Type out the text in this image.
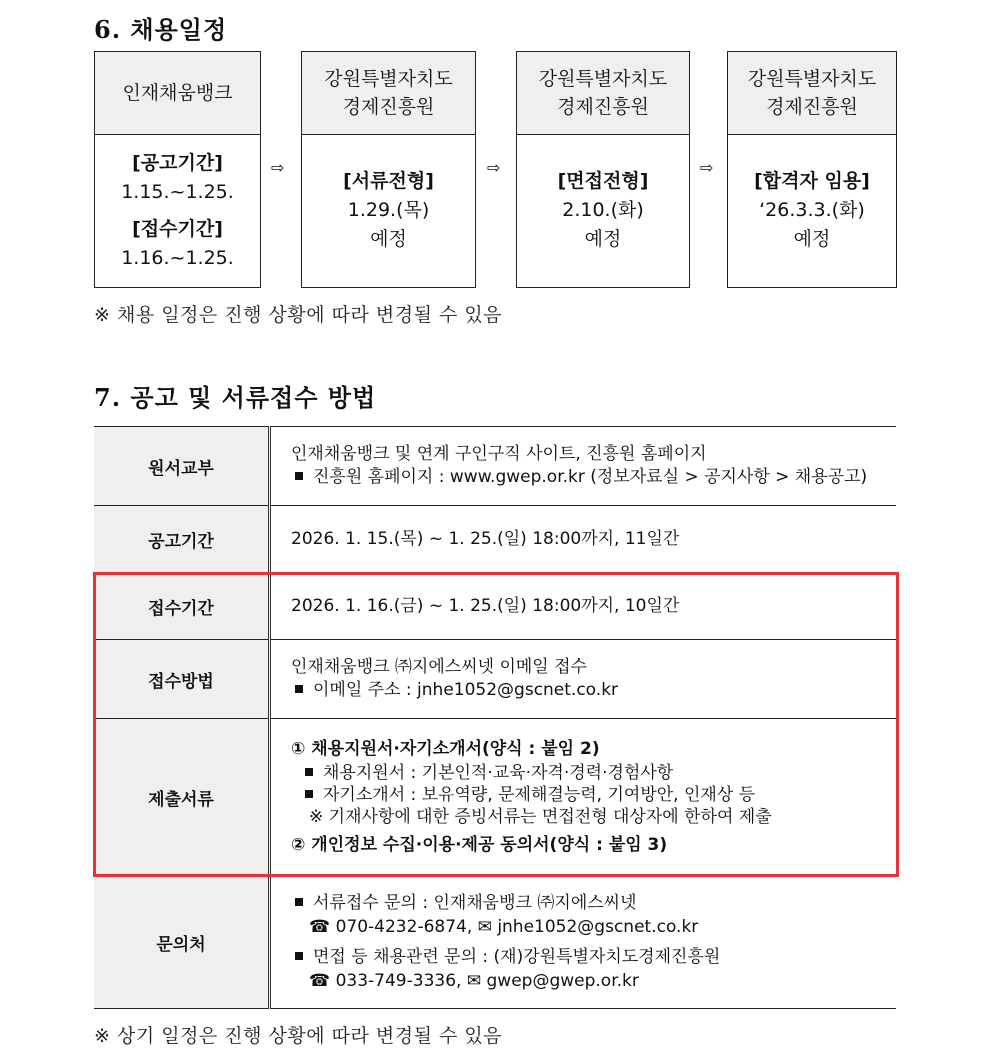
6. 채용일정
인재채움뱅크
[공고기간]
1.15.~1.25.
[접수기간]
1.16.~1.25.
⇨
강원특별자치도
경제진흥원
[서류전형]
1.29.(목)
예정
⇨
강원특별자치도
경제진흥원
[면접전형]
2.10.(화)
예정
⇨
강원특별자치도
경제진흥원
[합격자 임용]
‘26.3.3.(화)
예정
※ 채용 일정은 진행 상황에 따라 변경될 수 있음
7. 공고 및 서류접수 방법
원서교부	인재채움뱅크 및 연계 구인구직 사이트, 진흥원 홈페이지
진흥원 홈페이지 : www.gwep.or.kr (정보자료실 > 공지사항 > 채용공고)

공고기간	2026. 1. 15.(목) ~ 1. 25.(일) 18:00까지, 11일간
접수기간	2026. 1. 16.(금) ~ 1. 25.(일) 18:00까지, 10일간
접수방법	인재채움뱅크 ㈜지에스씨넷 이메일 접수
이메일 주소 : jnhe1052@gscnet.co.kr

제출서류	① 채용지원서·자기소개서(양식 : 붙임 2)
채용지원서 : 기본인적·교육·자격·경력·경험사항
자기소개서 : 보유역량, 문제해결능력, 기여방안, 인재상 등
※ 기재사항에 대한 증빙서류는 면접전형 대상자에 한하여 제출
② 개인정보 수집·이용·제공 동의서(양식 : 붙임 3)

문의처	서류접수 문의 : 인재채움뱅크 ㈜지에스씨넷
☎ 070-4232-6874, ✉ jnhe1052@gscnet.co.kr
면접 등 채용관련 문의 : (재)강원특별자치도경제진흥원
☎ 033-749-3336, ✉ gwep@gwep.or.kr
※ 상기 일정은 진행 상황에 따라 변경될 수 있음
